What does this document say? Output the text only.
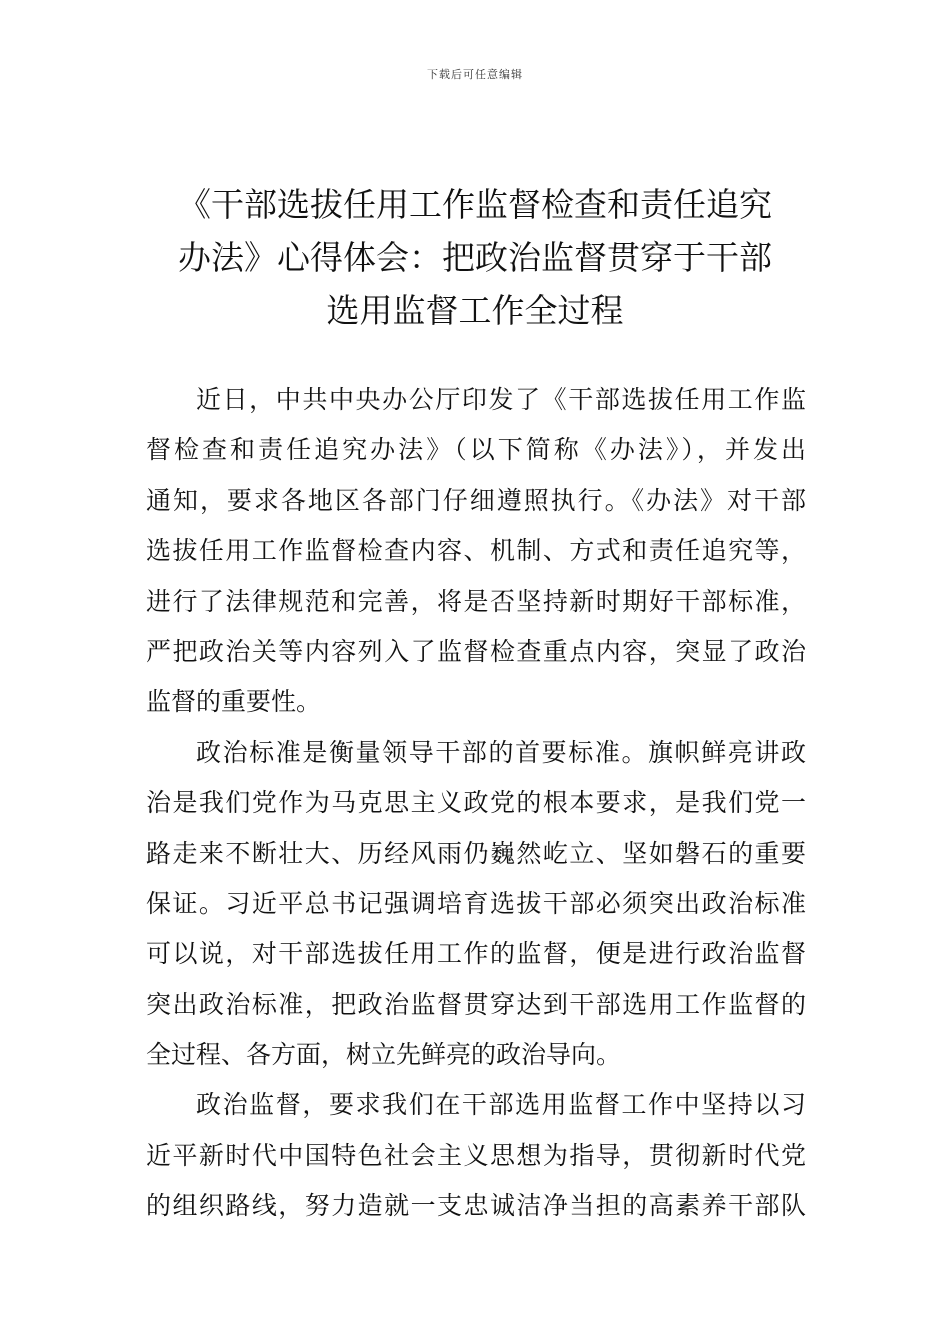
下载后可任意编辑
《干部选拔任用工作监督检查和责任追究
办法》心得体会：把政治监督贯穿于干部
选用监督工作全过程
近日，中共中央办公厅印发了《干部选拔任用工作监
督检查和责任追究办法》（以下简称《办法》），并发出
通知，要求各地区各部门仔细遵照执行。《办法》对干部
选拔任用工作监督检查内容、机制、方式和责任追究等，
进行了法律规范和完善，将是否坚持新时期好干部标准，
严把政治关等内容列入了监督检查重点内容，突显了政治
监督的重要性。
政治标准是衡量领导干部的首要标准。旗帜鲜亮讲政
治是我们党作为马克思主义政党的根本要求，是我们党一
路走来不断壮大、历经风雨仍巍然屹立、坚如磐石的重要
保证。习近平总书记强调培育选拔干部必须突出政治标准
可以说，对干部选拔任用工作的监督，便是进行政治监督
突出政治标准，把政治监督贯穿达到干部选用工作监督的
全过程、各方面，树立先鲜亮的政治导向。
政治监督，要求我们在干部选用监督工作中坚持以习
近平新时代中国特色社会主义思想为指导，贯彻新时代党
的组织路线，努力造就一支忠诚洁净当担的高素养干部队
